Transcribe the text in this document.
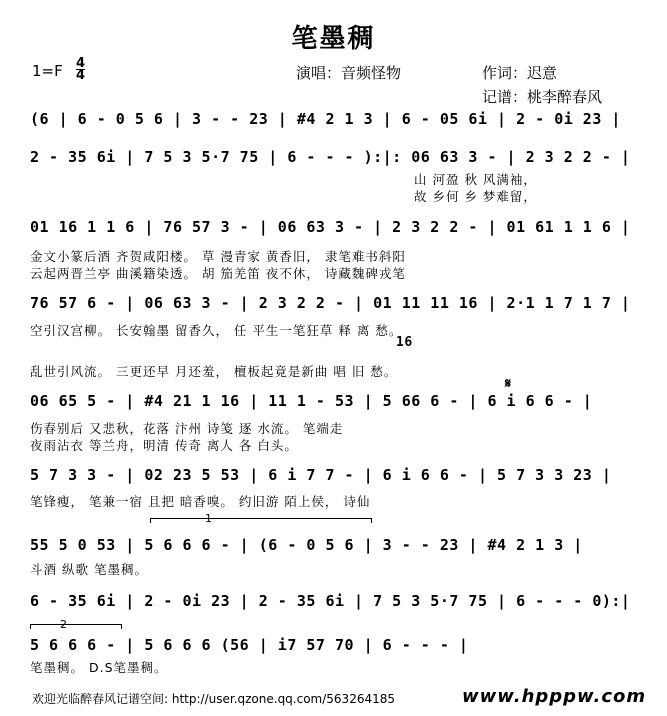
笔墨稠
$1=F \frac{4}{4}$	演唱：音频怪物	作词：迟意
记谱：桃李醉春风
(6 | 6 - 0 5 6 | 3 - - 23 | #4 2 1 3 | 6 - 05 6i | 2 - 0i 23 |
2 - 35 6i | 7 5 3 5·7 75 | 6 - - - ):|: 06 63 3 - | 2 3 2 2 - |
山 河盈 秋 风满袖，
故 乡何 乡 梦难留，
01 16 1 1 6 | 76 57 3 - | 06 63 3 - | 2 3 2 2 - | 01 61 1 1 6 |
金文小篆后酒 齐贺咸阳楼。 草 漫青家 黄香旧， 隶笔难书斜阳
云起两晋兰亭 曲溪籍染透。 胡 笳羌笛 夜不休， 诗藏魏碑戎笔
76 57 6 - | 06 63 3 - | 2 3 2 2 - | 01 11 11 16 | 2·1 1 7 1 7 |
空引汉宫柳。 长安翰墨 留香久， 任 平生一笔狂草 释 离 愁。
16
乱世引风流。 三更还早 月还羞， 檀板起竟是新曲 唱 旧 愁。
𝄋
06 65 5 - | #4 21 1 16 | 11 1 - 53 | 5 66 6 - | 6 i 6 6 - |
伤春别后 又悲秋，花落 汴州 诗笺 逐 水流。 笔端走
夜雨沾衣 等兰舟，明清 传奇 离人 各 白头。
5 7 3 3 - | 02 23 5 53 | 6 i 7 7 - | 6 i 6 6 - | 5 7 3 3 23 |
笔锋瘦， 笔兼一宿 且把 暗香嗅。 约旧游 陌上侯， 诗仙
1
55 5 0 53 | 5 6 6 6 - | (6 - 0 5 6 | 3 - - 23 | #4 2 1 3 |
斗酒 纵歌 笔墨稠。
6 - 35 6i | 2 - 0i 23 | 2 - 35 6i | 7 5 3 5·7 75 | 6 - - - 0):|
2
5 6 6 6 - | 5 6 6 6 (56 | i7 57 70 | 6 - - - |
笔墨稠。 D.S笔墨稠。
欢迎光临醉春风记谱空间: http://user.qzone.qq.com/563264185	www.hpppw.com
